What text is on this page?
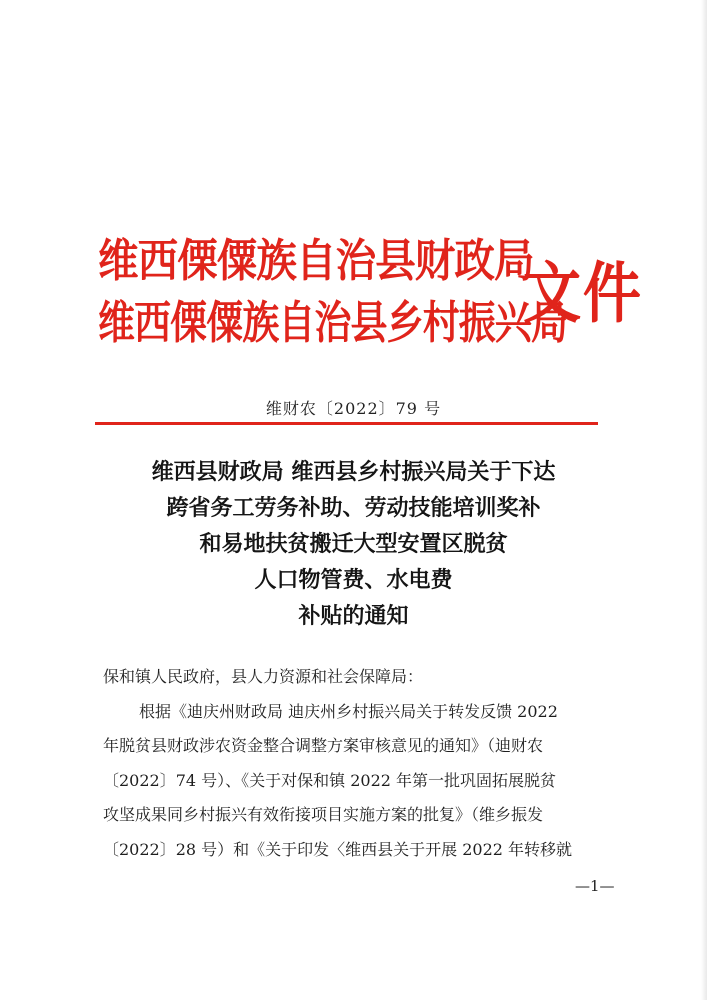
维西傈僳族自治县财政局
维西傈僳族自治县乡村振兴局
文件
维财农〔2022〕79 号
维西县财政局 维西县乡村振兴局关于下达
跨省务工劳务补助、劳动技能培训奖补
和易地扶贫搬迁大型安置区脱贫
人口物管费、水电费
补贴的通知
保和镇人民政府，县人力资源和社会保障局：
根据《迪庆州财政局 迪庆州乡村振兴局关于转发反馈 2022
年脱贫县财政涉农资金整合调整方案审核意见的通知》（迪财农
〔2022〕74 号）、《关于对保和镇 2022 年第一批巩固拓展脱贫
攻坚成果同乡村振兴有效衔接项目实施方案的批复》（维乡振发
〔2022〕28 号）和《关于印发〈维西县关于开展 2022 年转移就
—1—
